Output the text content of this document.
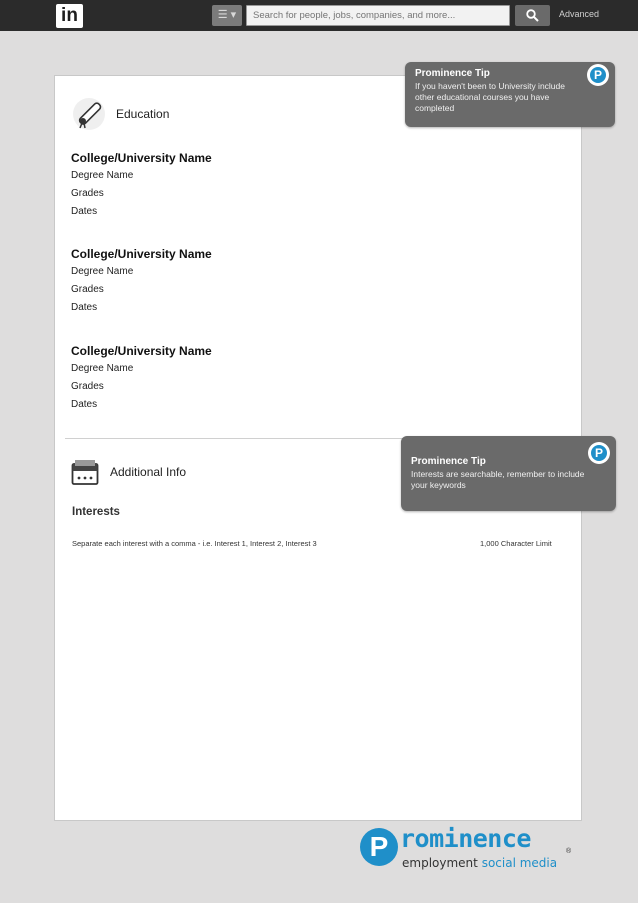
in	☰ ▾
Search for people, jobs, companies, and more...	Advanced
Education
College/University Name
Degree Name
Grades
Dates
College/University Name
Degree Name
Grades
Dates
College/University Name
Degree Name
Grades
Dates
Additional Info
Interests
Separate each interest with a comma - i.e. Interest 1, Interest 2, Interest 3	1,000 Character Limit
Prominence Tip
If you haven't been to University include other educational courses you have completed
P
Prominence Tip
Interests are searchable, remember to include your keywords
P
P rominence
employment social media
®
